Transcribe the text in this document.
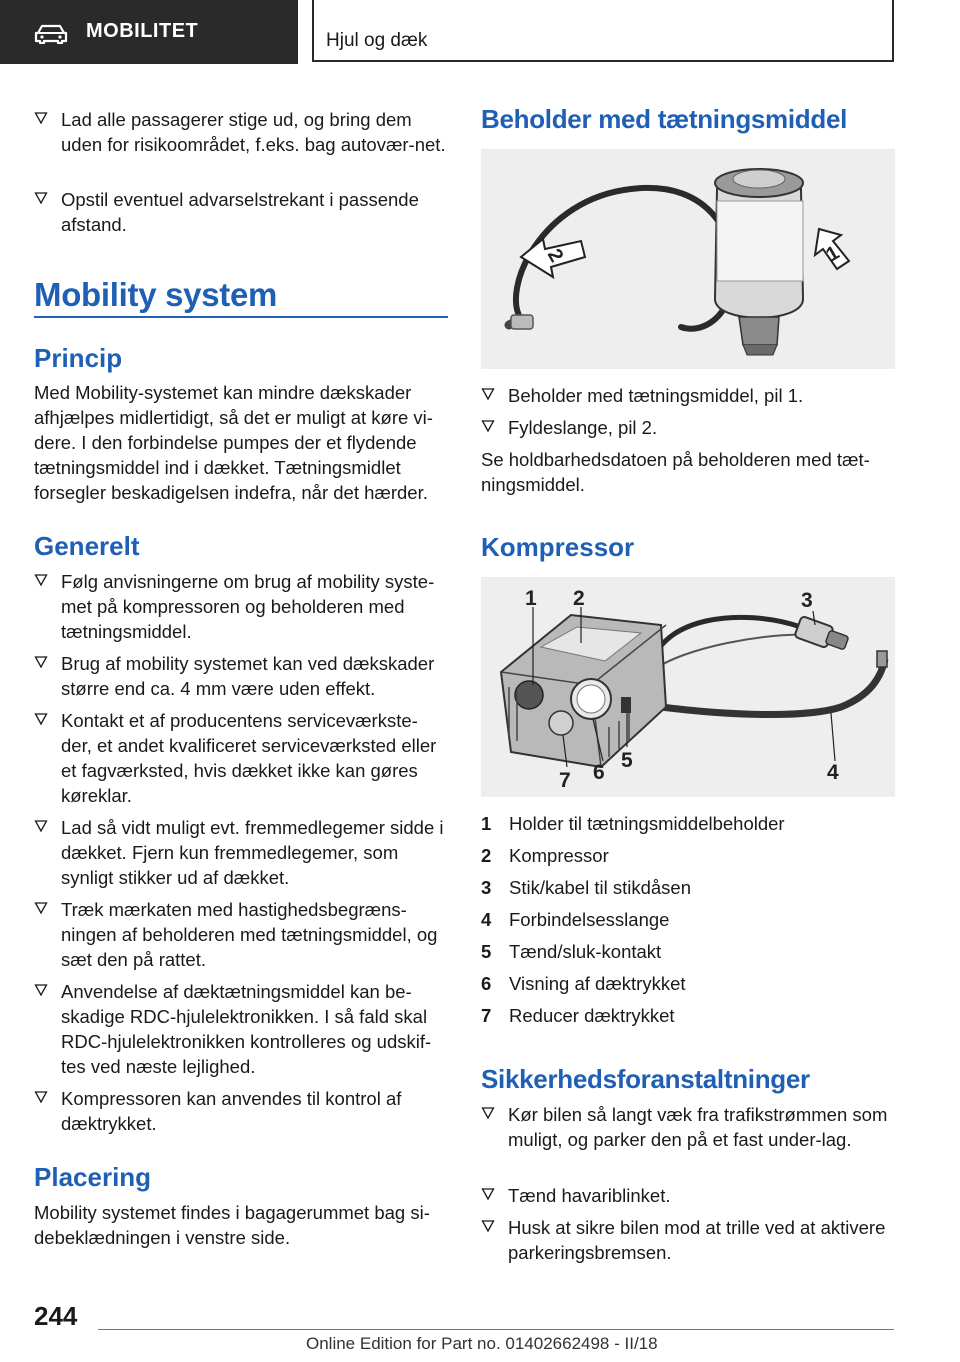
MOBILITET	Hjul og dæk
Lad alle passagerer stige ud, og bring dem uden for risikoområdet, f.eks. bag autovær‐net.
Opstil eventuel advarselstrekant i passende afstand.
Mobility system
Princip
Med Mobility-systemet kan mindre dækskader afhjælpes midlertidigt, så det er muligt at køre vi‐dere. I den forbindelse pumpes der et flydende tætningsmiddel ind i dækket. Tætningsmidlet forsegler beskadigelsen indefra, når det hærder.
Generelt
Følg anvisningerne om brug af mobility syste‐met på kompressoren og beholderen med tætningsmiddel.
Brug af mobility systemet kan ved dækskader større end ca. 4 mm være uden effekt.
Kontakt et af producentens serviceværkste‐der, et andet kvalificeret serviceværksted eller et fagværksted, hvis dækket ikke kan gøres køreklar.
Lad så vidt muligt evt. fremmedlegemer sidde i dækket. Fjern kun fremmedlegemer, som synligt stikker ud af dækket.
Træk mærkaten med hastighedsbegræns‐ningen af beholderen med tætningsmiddel, og sæt den på rattet.
Anvendelse af dæktætningsmiddel kan be‐skadige RDC-hjulelektronikken. I så fald skal RDC-hjulelektronikken kontrolleres og udskif‐tes ved næste lejlighed.
Kompressoren kan anvendes til kontrol af dæktrykket.
Placering
Mobility systemet findes i bagagerummet bag si‐debeklædningen i venstre side.
Beholder med tætningsmiddel
1
2
Beholder med tætningsmiddel, pil 1.
Fyldeslange, pil 2.
Se holdbarhedsdatoen på beholderen med tæt‐ningsmiddel.
Kompressor
1 2	3
4
5
6
7
1 Holder til tætningsmiddelbeholder
2 Kompressor
3 Stik/kabel til stikdåsen
4 Forbindelsesslange
5 Tænd/sluk-kontakt
6 Visning af dæktrykket
7 Reducer dæktrykket
Sikkerhedsforanstaltninger
Kør bilen så langt væk fra trafikstrømmen som muligt, og parker den på et fast under‐lag.
Tænd havariblinket.
Husk at sikre bilen mod at trille ved at aktivere parkeringsbremsen.
244
Online Edition for Part no. 01402662498 - II/18
